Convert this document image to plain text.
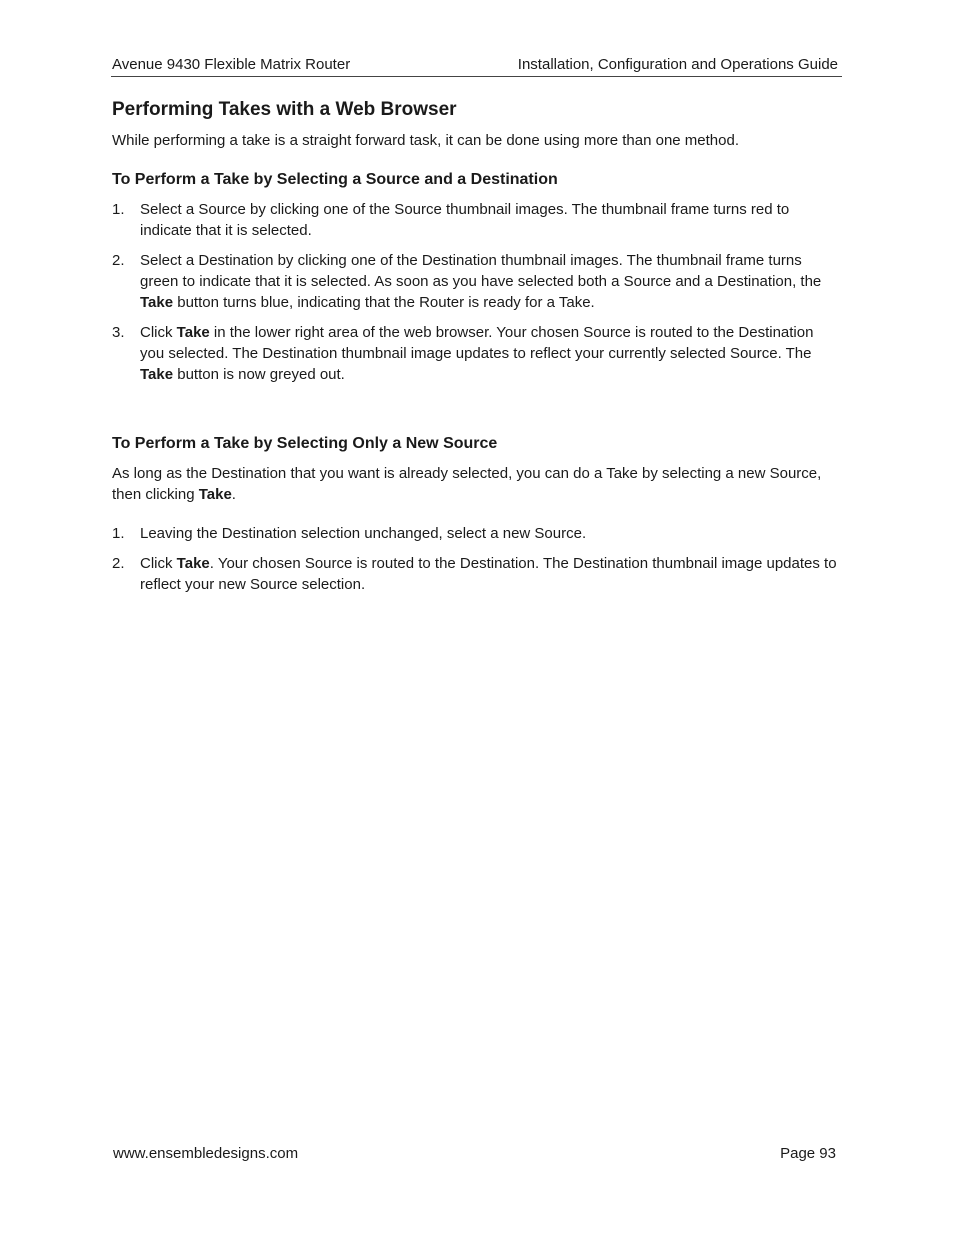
Avenue 9430 Flexible Matrix Router	Installation, Configuration and Operations Guide
Performing Takes with a Web Browser

While performing a take is a straight forward task, it can be done using more than one method.

To Perform a Take by Selecting a Source and a Destination
1. Select a Source by clicking one of the Source thumbnail images. The thumbnail frame turns red to indicate that it is selected.
2. Select a Destination by clicking one of the Destination thumbnail images. The thumbnail frame turns green to indicate that it is selected. As soon as you have selected both a Source and a Destination, the Take button turns blue, indicating that the Router is ready for a Take.
3. Click Take in the lower right area of the web browser. Your chosen Source is routed to the Destination you selected. The Destination thumbnail image updates to reflect your currently selected Source. The Take button is now greyed out.
To Perform a Take by Selecting Only a New Source

As long as the Destination that you want is already selected, you can do a Take by selecting a new Source, then clicking Take.

1. Leaving the Destination selection unchanged, select a new Source.
2. Click Take. Your chosen Source is routed to the Destination. The Destination thumbnail image updates to reflect your new Source selection.
www.ensembledesigns.com	Page 93
